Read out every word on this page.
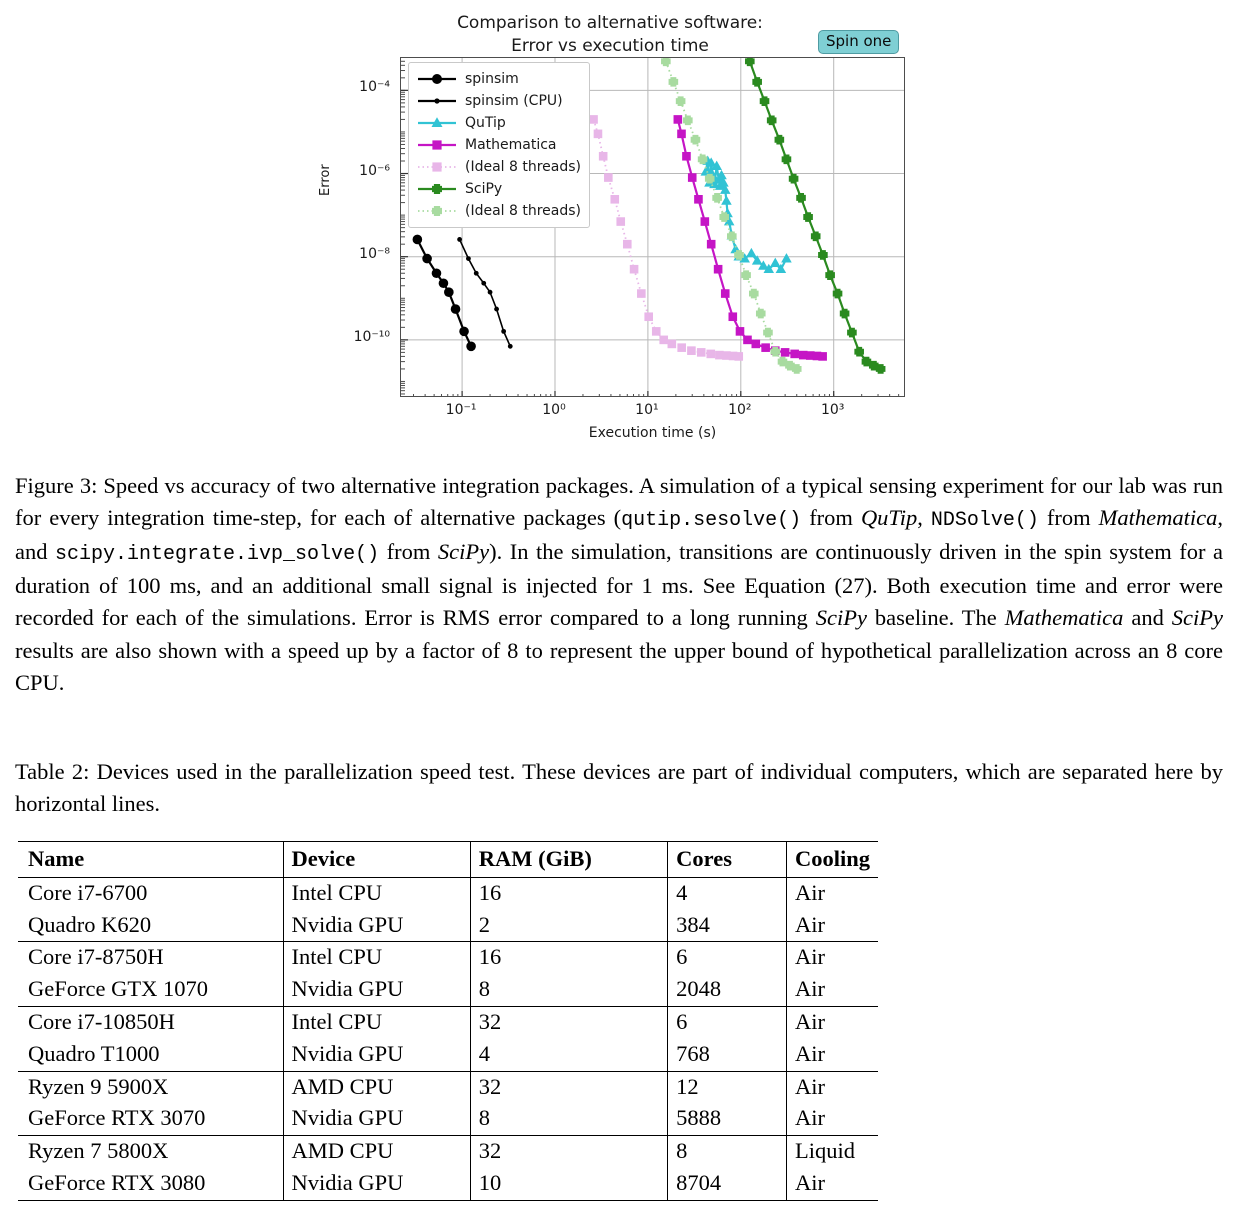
Comparison to alternative software:
Error vs execution time	Spin one
Error
Execution time (s)
10⁻⁴
10⁻⁶
10⁻⁸
10⁻¹⁰
10⁻¹	10⁰	10¹	10²	10³
spinsim
spinsim (CPU)
QuTip
Mathematica
(Ideal 8 threads)
SciPy
(Ideal 8 threads)
Figure 3: Speed vs accuracy of two alternative integration packages. A simulation of a typical sensing experiment for our lab was run for every integration time-step, for each of alternative packages (qutip.sesolve() from QuTip, NDSolve() from Mathematica, and scipy.integrate.ivp_solve() from SciPy). In the simulation, transitions are continuously driven in the spin system for a duration of 100 ms, and an additional small signal is injected for 1 ms. See Equation (27). Both execution time and error were recorded for each of the simulations. Error is RMS error compared to a long running SciPy baseline. The Mathematica and SciPy results are also shown with a speed up by a factor of 8 to represent the upper bound of hypothetical parallelization across an 8 core CPU.
Table 2: Devices used in the parallelization speed test. These devices are part of individual computers, which are separated here by horizontal lines.
Name	Device	RAM (GiB)	Cores	Cooling
Core i7-6700	Intel CPU	16	4	Air
Quadro K620	Nvidia GPU	2	384	Air
Core i7-8750H	Intel CPU	16	6	Air
GeForce GTX 1070	Nvidia GPU	8	2048	Air
Core i7-10850H	Intel CPU	32	6	Air
Quadro T1000	Nvidia GPU	4	768	Air
Ryzen 9 5900X	AMD CPU	32	12	Air
GeForce RTX 3070	Nvidia GPU	8	5888	Air
Ryzen 7 5800X	AMD CPU	32	8	Liquid
GeForce RTX 3080	Nvidia GPU	10	8704	Air
